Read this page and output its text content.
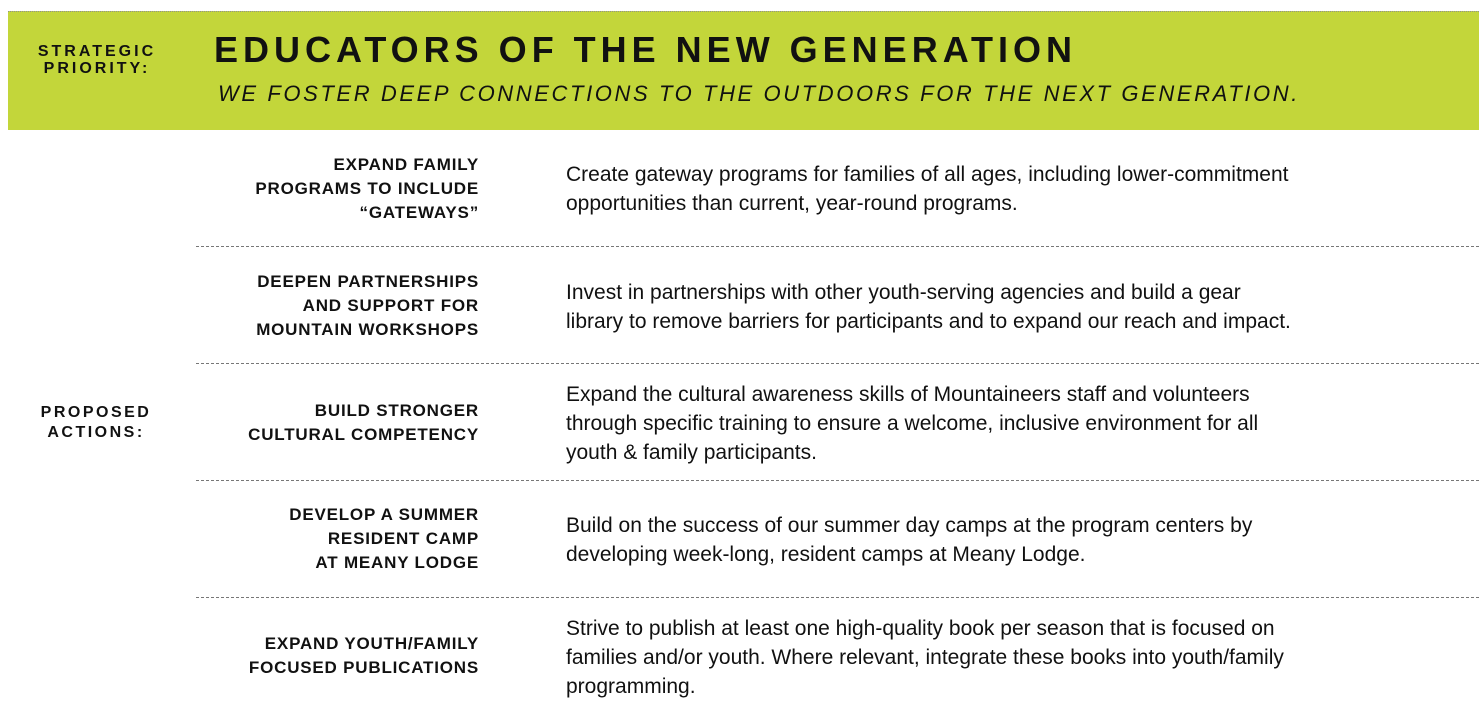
STRATEGIC
PRIORITY:	EDUCATORS OF THE NEW GENERATION
WE FOSTER DEEP CONNECTIONS TO THE OUTDOORS FOR THE NEXT GENERATION.
PROPOSED
ACTIONS:
EXPAND FAMILY
PROGRAMS TO INCLUDE
“GATEWAYS”
Create gateway programs for families of all ages, including lower-commitment
opportunities than current, year-round programs.
DEEPEN PARTNERSHIPS
AND SUPPORT FOR
MOUNTAIN WORKSHOPS
Invest in partnerships with other youth-serving agencies and build a gear
library to remove barriers for participants and to expand our reach and impact.
BUILD STRONGER
CULTURAL COMPETENCY
Expand the cultural awareness skills of Mountaineers staff and volunteers
through specific training to ensure a welcome, inclusive environment for all
youth & family participants.
DEVELOP A SUMMER
RESIDENT CAMP
AT MEANY LODGE
Build on the success of our summer day camps at the program centers by
developing week-long, resident camps at Meany Lodge.
EXPAND YOUTH/FAMILY
FOCUSED PUBLICATIONS
Strive to publish at least one high-quality book per season that is focused on
families and/or youth. Where relevant, integrate these books into youth/family
programming.
